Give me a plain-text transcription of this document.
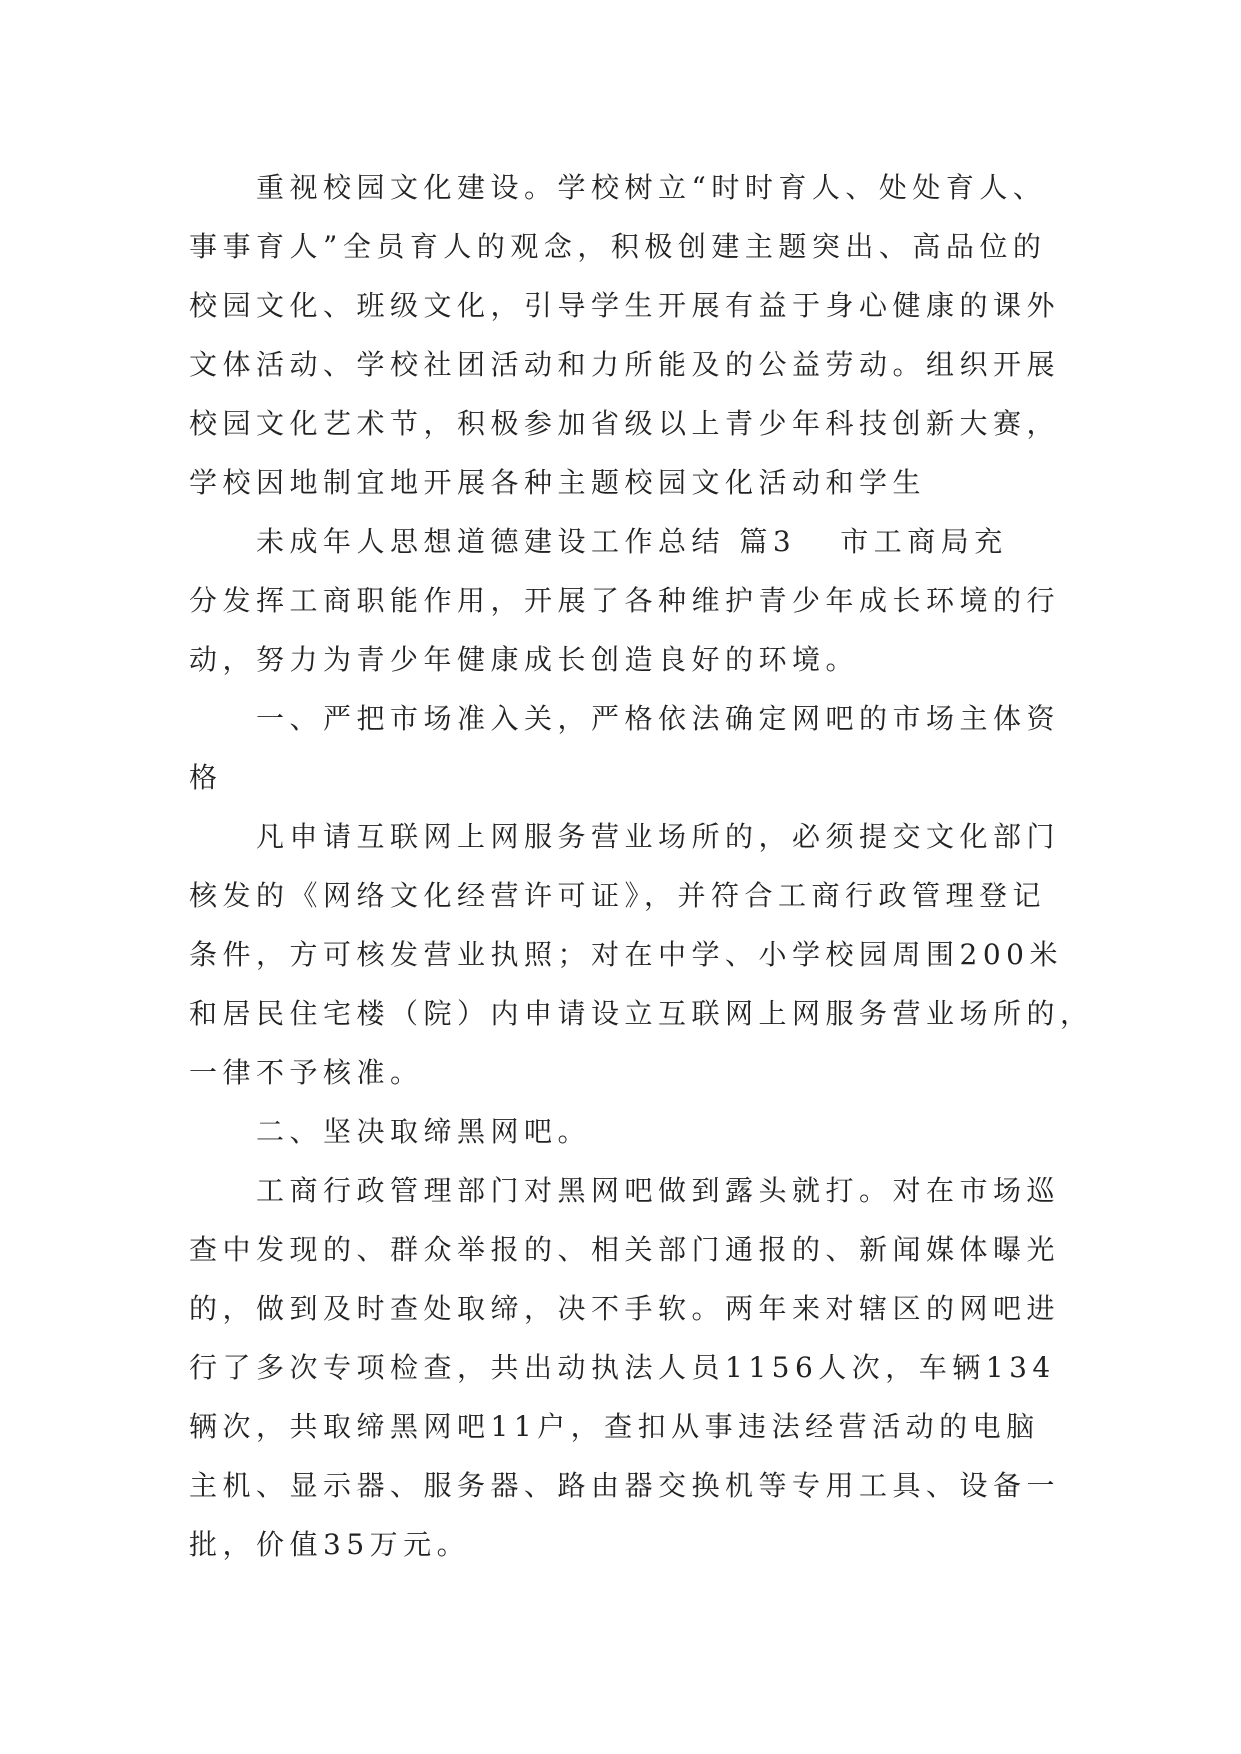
重视校园文化建设。学校树立“时时育人、处处育人、
事事育人”全员育人的观念，积极创建主题突出、高品位的
校园文化、班级文化，引导学生开展有益于身心健康的课外
文体活动、学校社团活动和力所能及的公益劳动。组织开展
校园文化艺术节，积极参加省级以上青少年科技创新大赛，
学校因地制宜地开展各种主题校园文化活动和学生
未成年人思想道德建设工作总结 篇3 市工商局充
分发挥工商职能作用，开展了各种维护青少年成长环境的行
动，努力为青少年健康成长创造良好的环境。
一、严把市场准入关，严格依法确定网吧的市场主体资
格
凡申请互联网上网服务营业场所的，必须提交文化部门
核发的《网络文化经营许可证》，并符合工商行政管理登记
条件，方可核发营业执照；对在中学、小学校园周围200米
和居民住宅楼（院）内申请设立互联网上网服务营业场所的，
一律不予核准。
二、坚决取缔黑网吧。
工商行政管理部门对黑网吧做到露头就打。对在市场巡
查中发现的、群众举报的、相关部门通报的、新闻媒体曝光
的，做到及时查处取缔，决不手软。两年来对辖区的网吧进
行了多次专项检查，共出动执法人员1156人次，车辆134
辆次，共取缔黑网吧11户，查扣从事违法经营活动的电脑
主机、显示器、服务器、路由器交换机等专用工具、设备一
批，价值35万元。
